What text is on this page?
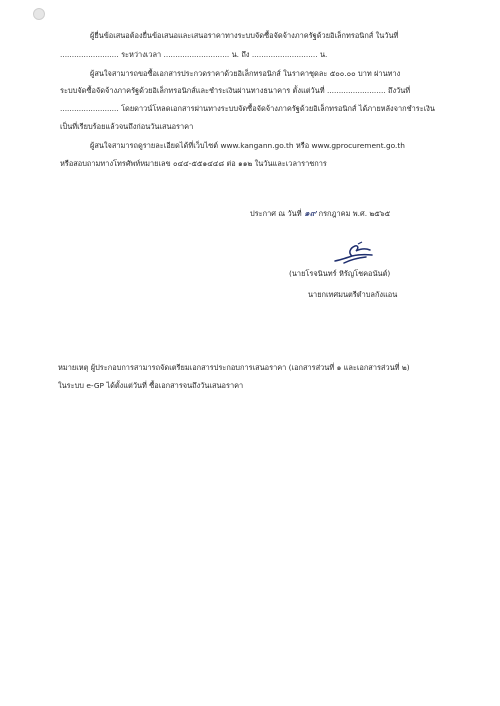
ผู้ยื่นข้อเสนอต้องยื่นข้อเสนอและเสนอราคาทางระบบจัดซื้อจัดจ้างภาครัฐด้วยอิเล็กทรอนิกส์ ในวันที่
......................... ระหว่างเวลา ............................ น. ถึง ............................ น.
ผู้สนใจสามารถขอซื้อเอกสารประกวดราคาด้วยอิเล็กทรอนิกส์ ในราคาชุดละ ๕๐๐.๐๐ บาท ผ่านทาง
ระบบจัดซื้อจัดจ้างภาครัฐด้วยอิเล็กทรอนิกส์และชำระเงินผ่านทางธนาคาร ตั้งแต่วันที่ ......................... ถึงวันที่
......................... โดยดาวน์โหลดเอกสารผ่านทางระบบจัดซื้อจัดจ้างภาครัฐด้วยอิเล็กทรอนิกส์ ได้ภายหลังจากชำระเงิน
เป็นที่เรียบร้อยแล้วจนถึงก่อนวันเสนอราคา
ผู้สนใจสามารถดูรายละเอียดได้ที่เว็บไซต์ www.kangann.go.th หรือ www.gprocurement.go.th
หรือสอบถามทางโทรศัพท์หมายเลข ๐๔๔-๕๕๑๔๔๘ ต่อ ๑๑๒ ในวันและเวลาราชการ
ประกาศ ณ วันที่ ๑๙ กรกฎาคม พ.ศ. ๒๕๖๕
(นายโรจนินทร์ หิรัญโชคอนันต์)
นายกเทศมนตรีตำบลกังแอน
หมายเหตุ ผู้ประกอบการสามารถจัดเตรียมเอกสารประกอบการเสนอราคา (เอกสารส่วนที่ ๑ และเอกสารส่วนที่ ๒)
ในระบบ e-GP ได้ตั้งแต่วันที่ ซื้อเอกสารจนถึงวันเสนอราคา
